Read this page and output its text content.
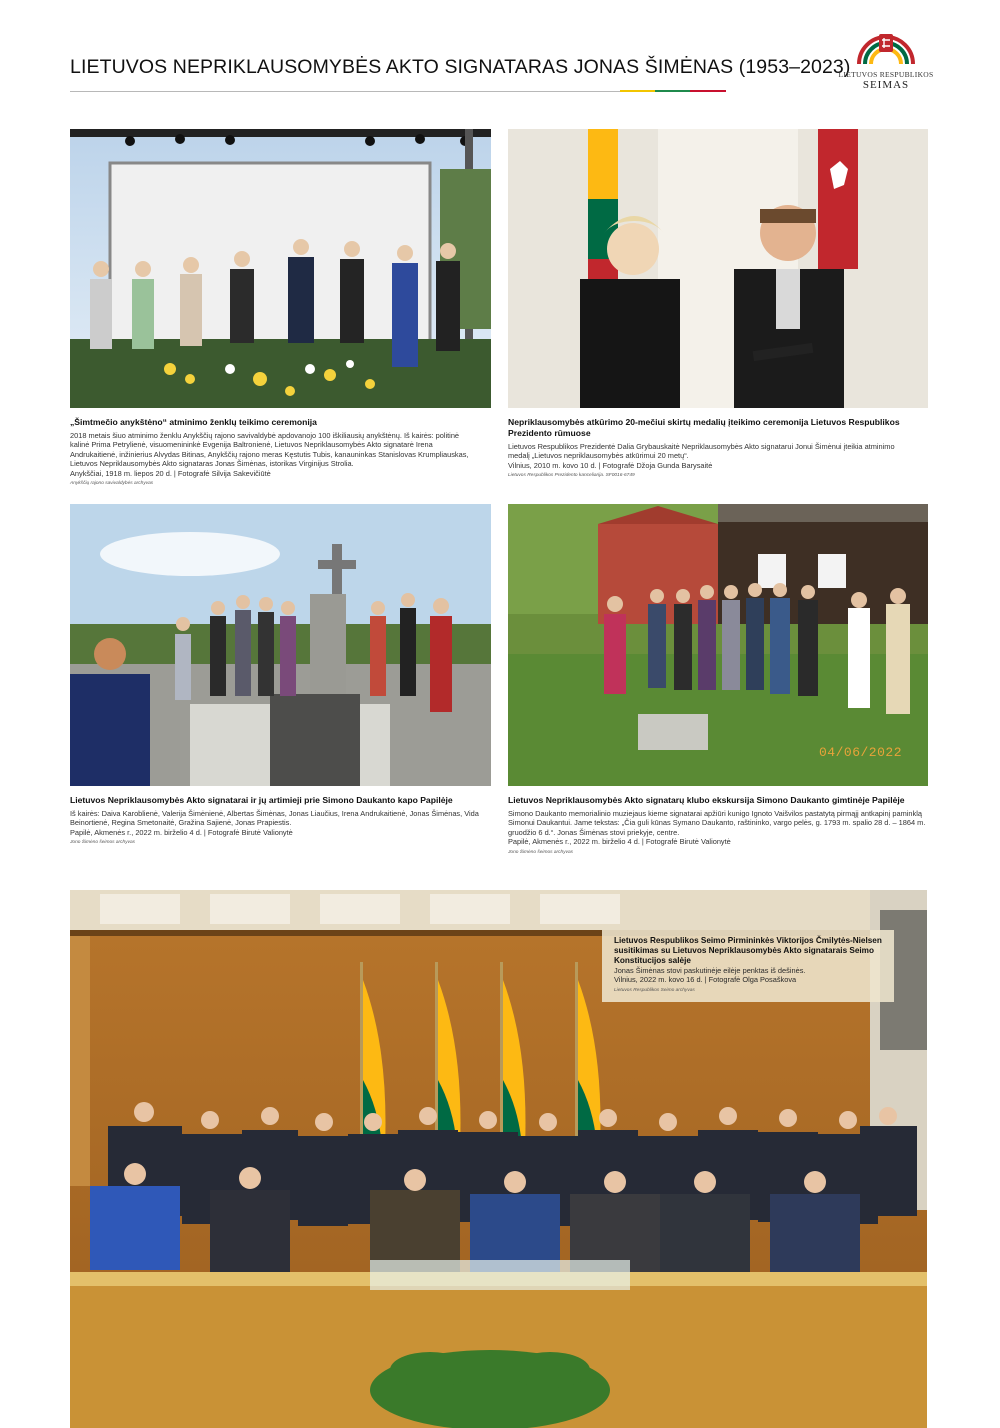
LIETUVOS NEPRIKLAUSOMYBĖS AKTO SIGNATARAS JONAS ŠIMĖNAS (1953–2023)
LIETUVOS RESPUBLIKOS
SEIMAS
„Šimtmečio anykštėno“ atminimo ženklų teikimo ceremonija
2018 metais šiuo atminimo ženklu Anykščių rajono savivaldybė apdovanojo 100 iškiliausių anykštėnų. Iš kairės: politinė kalinė Prima Petrylienė, visuomenininkė Evgenija Baltronienė, Lietuvos Nepriklausomybės Akto signatarė Irena Andrukaitienė, inžinierius Alvydas Bitinas, Anykščių rajono meras Kęstutis Tubis, kanauninkas Stanislovas Krumpliauskas, Lietuvos Nepriklausomybės Akto signataras Jonas Šimėnas, istorikas Virginijus Strolia.
Anykščiai, 1918 m. liepos 20 d. | Fotografė Silvija Sakevičiūtė
Anykščių rajono savivaldybės archyvas
Nepriklausomybės atkūrimo 20-mečiui skirtų medalių įteikimo ceremonija Lietuvos Respublikos Prezidento rūmuose
Lietuvos Respublikos Prezidentė Dalia Grybauskaitė Nepriklausomybės Akto signatarui Jonui Šimėnui įteikia atminimo medalį „Lietuvos nepriklausomybės atkūrimui 20 metų“.
Vilnius, 2010 m. kovo 10 d. | Fotografė Džoja Gunda Barysaitė
Lietuvos Respublikos Prezidento kanceliarija. SF0016-6749
04/06/2022
Lietuvos Nepriklausomybės Akto signatarai ir jų artimieji prie Simono Daukanto kapo Papilėje
Iš kairės: Daiva Karoblienė, Valerija Šimėnienė, Albertas Šimėnas, Jonas Liaučius, Irena Andrukaitienė, Jonas Šimėnas, Vida Beinortienė, Regina Smetonaitė, Gražina Sajienė, Jonas Prapiestis.
Papilė, Akmenės r., 2022 m. birželio 4 d. | Fotografė Birutė Valionytė
Jono Šimėno šeimos archyvas
Lietuvos Nepriklausomybės Akto signatarų klubo ekskursija Simono Daukanto gimtinėje Papilėje
Simono Daukanto memorialinio muziejaus kieme signatarai apžiūri kunigo Ignoto Vaišvilos pastatytą pirmąjį antkapinį paminklą Simonui Daukantui. Jame tekstas: „Čia guli kūnas Symano Daukanto, raštininko, vargo pelės, g. 1793 m. spalio 28 d. – 1864 m. gruodžio 6 d.“. Jonas Šimėnas stovi priekyje, centre.
Papilė, Akmenės r., 2022 m. birželio 4 d. | Fotografė Birutė Valionytė
Jono Šimėno šeimos archyvas
Lietuvos Respublikos Seimo Pirmininkės Viktorijos Čmilytės-Nielsen susitikimas su Lietuvos Nepriklausomybės Akto signatarais Seimo Konstitucijos salėje
Jonas Šimėnas stovi paskutinėje eilėje penktas iš dešinės.
Vilnius, 2022 m. kovo 16 d. | Fotografė Olga Posaškova
Lietuvos Respublikos Seimo archyvas
